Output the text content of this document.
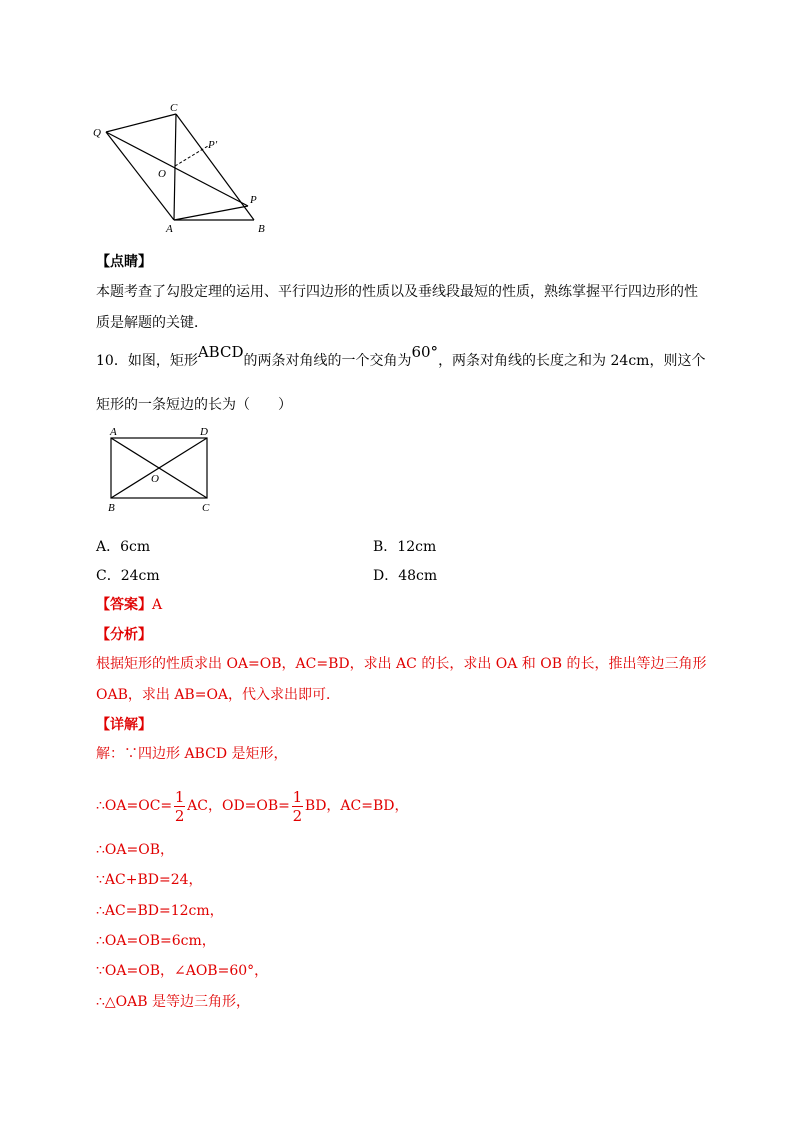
C
Q
P′
O
P
A	B
【点睛】
本题考查了勾股定理的运用、平行四边形的性质以及垂线段最短的性质，熟练掌握平行四边形的性
质是解题的关键．
10．如图，矩形ABCD的两条对角线的一个交角为60°，两条对角线的长度之和为 24cm，则这个
矩形的一条短边的长为（　　）
A	D
O
B	C
A．6cm	B．12cm
C．24cm	D．48cm
【答案】A
【分析】
根据矩形的性质求出 OA=OB，AC=BD，求出 AC 的长，求出 OA 和 OB 的长，推出等边三角形
OAB，求出 AB=OA，代入求出即可．
【详解】
解：∵四边形 ABCD 是矩形，
∴OA=OC= $\frac{1}{2}$ AC，$OD=OB= \frac{1}{2}$ BD，AC=BD，
∴OA=OB，
∵AC+BD=24，
∴AC=BD=12cm，
∴OA=OB=6cm，
∵OA=OB，∠AOB=60°，
∴△OAB 是等边三角形，
